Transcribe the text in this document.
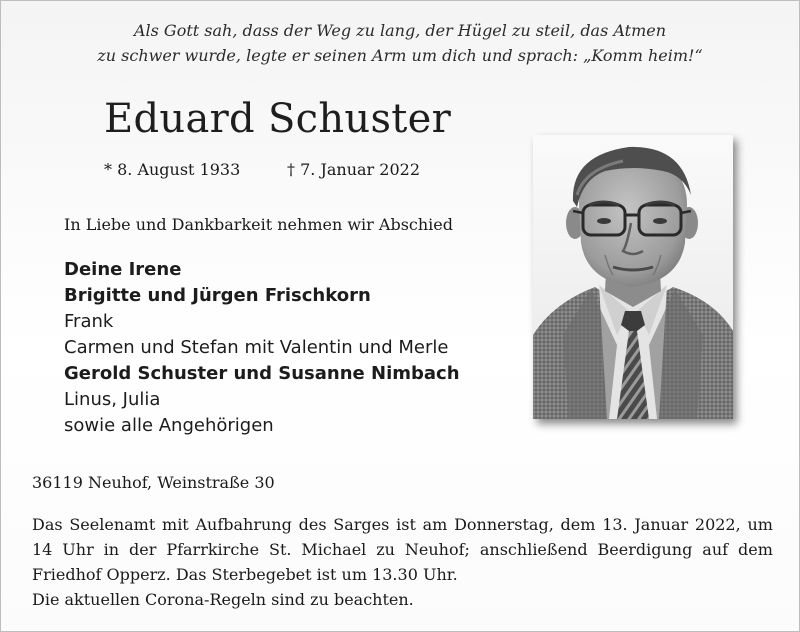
Als Gott sah, dass der Weg zu lang, der Hügel zu steil, das Atmen
zu schwer wurde, legte er seinen Arm um dich und sprach: „Komm heim!“
Eduard Schuster
* 8. August 1933	† 7. Januar 2022
In Liebe und Dankbarkeit nehmen wir Abschied
Deine Irene
Brigitte und Jürgen Frischkorn
Frank
Carmen und Stefan mit Valentin und Merle
Gerold Schuster und Susanne Nimbach
Linus, Julia
sowie alle Angehörigen
36119 Neuhof, Weinstraße 30
Das Seelenamt mit Aufbahrung des Sarges ist am Donnerstag, dem 13. Januar 2022, um
14 Uhr in der Pfarrkirche St. Michael zu Neuhof; anschließend Beerdigung auf dem
Friedhof Opperz. Das Sterbegebet ist um 13.30 Uhr.
Die aktuellen Corona-Regeln sind zu beachten.
